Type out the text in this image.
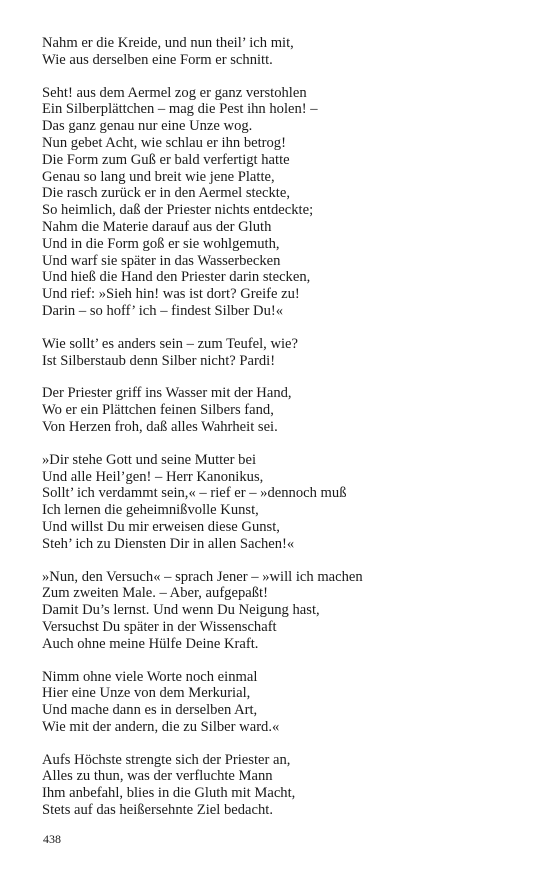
Nahm er die Kreide, und nun theil’ ich mit,
Wie aus derselben eine Form er schnitt.
Seht! aus dem Aermel zog er ganz verstohlen
Ein Silberplättchen – mag die Pest ihn holen! –
Das ganz genau nur eine Unze wog.
Nun gebet Acht, wie schlau er ihn betrog!
Die Form zum Guß er bald verfertigt hatte
Genau so lang und breit wie jene Platte,
Die rasch zurück er in den Aermel steckte,
So heimlich, daß der Priester nichts entdeckte;
Nahm die Materie darauf aus der Gluth
Und in die Form goß er sie wohlgemuth,
Und warf sie später in das Wasserbecken
Und hieß die Hand den Priester darin stecken,
Und rief: »Sieh hin! was ist dort? Greife zu!
Darin – so hoff’ ich – findest Silber Du!«
Wie sollt’ es anders sein – zum Teufel, wie?
Ist Silberstaub denn Silber nicht? Pardi!
Der Priester griff ins Wasser mit der Hand,
Wo er ein Plättchen feinen Silbers fand,
Von Herzen froh, daß alles Wahrheit sei.
»Dir stehe Gott und seine Mutter bei
Und alle Heil’gen! – Herr Kanonikus,
Sollt’ ich verdammt sein,« – rief er – »dennoch muß
Ich lernen die geheimnißvolle Kunst,
Und willst Du mir erweisen diese Gunst,
Steh’ ich zu Diensten Dir in allen Sachen!«
»Nun, den Versuch« – sprach Jener – »will ich machen
Zum zweiten Male. – Aber, aufgepaßt!
Damit Du’s lernst. Und wenn Du Neigung hast,
Versuchst Du später in der Wissenschaft
Auch ohne meine Hülfe Deine Kraft.
Nimm ohne viele Worte noch einmal
Hier eine Unze von dem Merkurial,
Und mache dann es in derselben Art,
Wie mit der andern, die zu Silber ward.«
Aufs Höchste strengte sich der Priester an,
Alles zu thun, was der verfluchte Mann
Ihm anbefahl, blies in die Gluth mit Macht,
Stets auf das heißersehnte Ziel bedacht.
438
